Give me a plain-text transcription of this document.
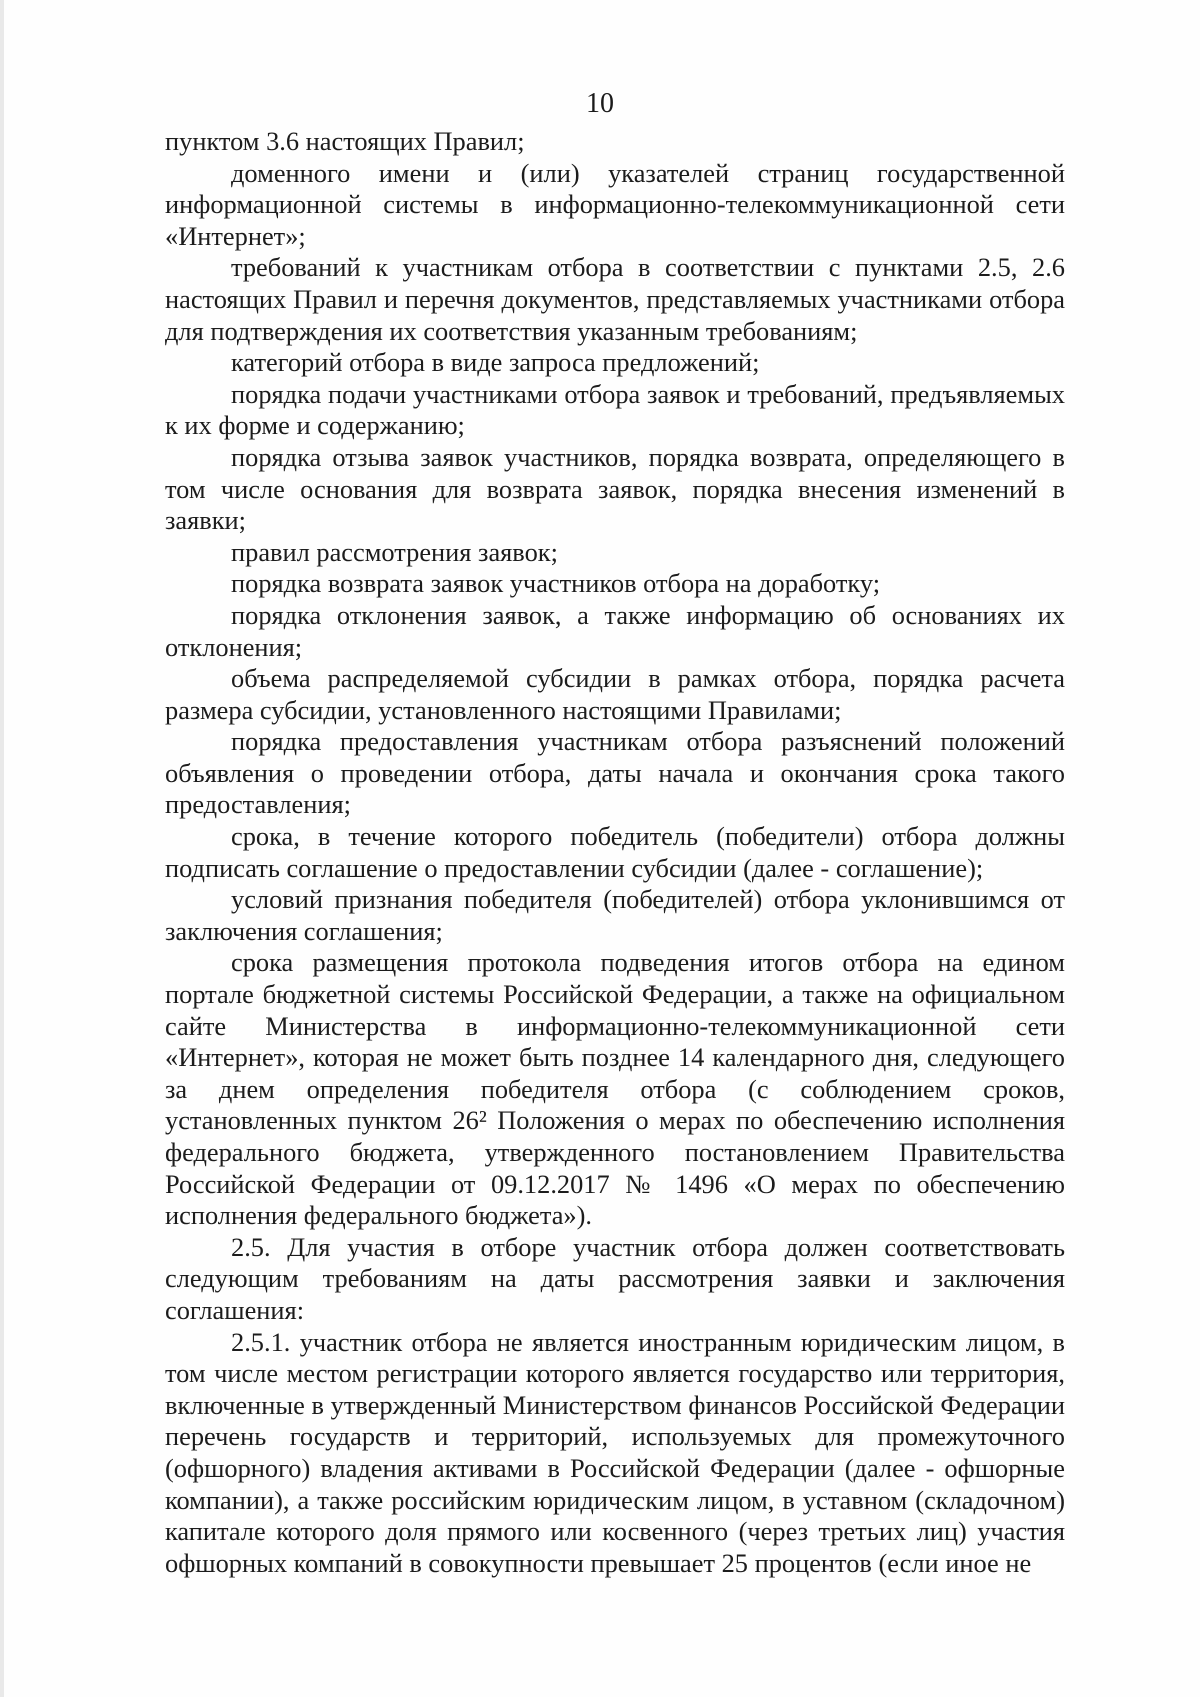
10

пунктом 3.6 настоящих Правил;

доменного имени и (или) указателей страниц государственной информационной системы в информационно-телекоммуникационной сети «Интернет»;

требований к участникам отбора в соответствии с пунктами 2.5, 2.6 настоящих Правил и перечня документов, представляемых участниками отбора для подтверждения их соответствия указанным требованиям;

категорий отбора в виде запроса предложений;

порядка подачи участниками отбора заявок и требований, предъявляемых к их форме и содержанию;

порядка отзыва заявок участников, порядка возврата, определяющего в том числе основания для возврата заявок, порядка внесения изменений в заявки;

правил рассмотрения заявок;

порядка возврата заявок участников отбора на доработку;

порядка отклонения заявок, а также информацию об основаниях их отклонения;

объема распределяемой субсидии в рамках отбора, порядка расчета размера субсидии, установленного настоящими Правилами;

порядка предоставления участникам отбора разъяснений положений объявления о проведении отбора, даты начала и окончания срока такого предоставления;

срока, в течение которого победитель (победители) отбора должны подписать соглашение о предоставлении субсидии (далее - соглашение);

условий признания победителя (победителей) отбора уклонившимся от заключения соглашения;

срока размещения протокола подведения итогов отбора на едином портале бюджетной системы Российской Федерации, а также на официальном сайте Министерства в информационно-телекоммуникационной сети «Интернет», которая не может быть позднее 14 календарного дня, следующего за днем определения победителя отбора (с соблюдением сроков, установленных пунктом 26² Положения о мерах по обеспечению исполнения федерального бюджета, утвержденного постановлением Правительства Российской Федерации от 09.12.2017 № 1496 «О мерах по обеспечению исполнения федерального бюджета»).

2.5. Для участия в отборе участник отбора должен соответствовать следующим требованиям на даты рассмотрения заявки и заключения соглашения:

2.5.1. участник отбора не является иностранным юридическим лицом, в том числе местом регистрации которого является государство или территория, включенные в утвержденный Министерством финансов Российской Федерации перечень государств и территорий, используемых для промежуточного (офшорного) владения активами в Российской Федерации (далее - офшорные компании), а также российским юридическим лицом, в уставном (складочном) капитале которого доля прямого или косвенного (через третьих лиц) участия офшорных компаний в совокупности превышает 25 процентов (если иное не
